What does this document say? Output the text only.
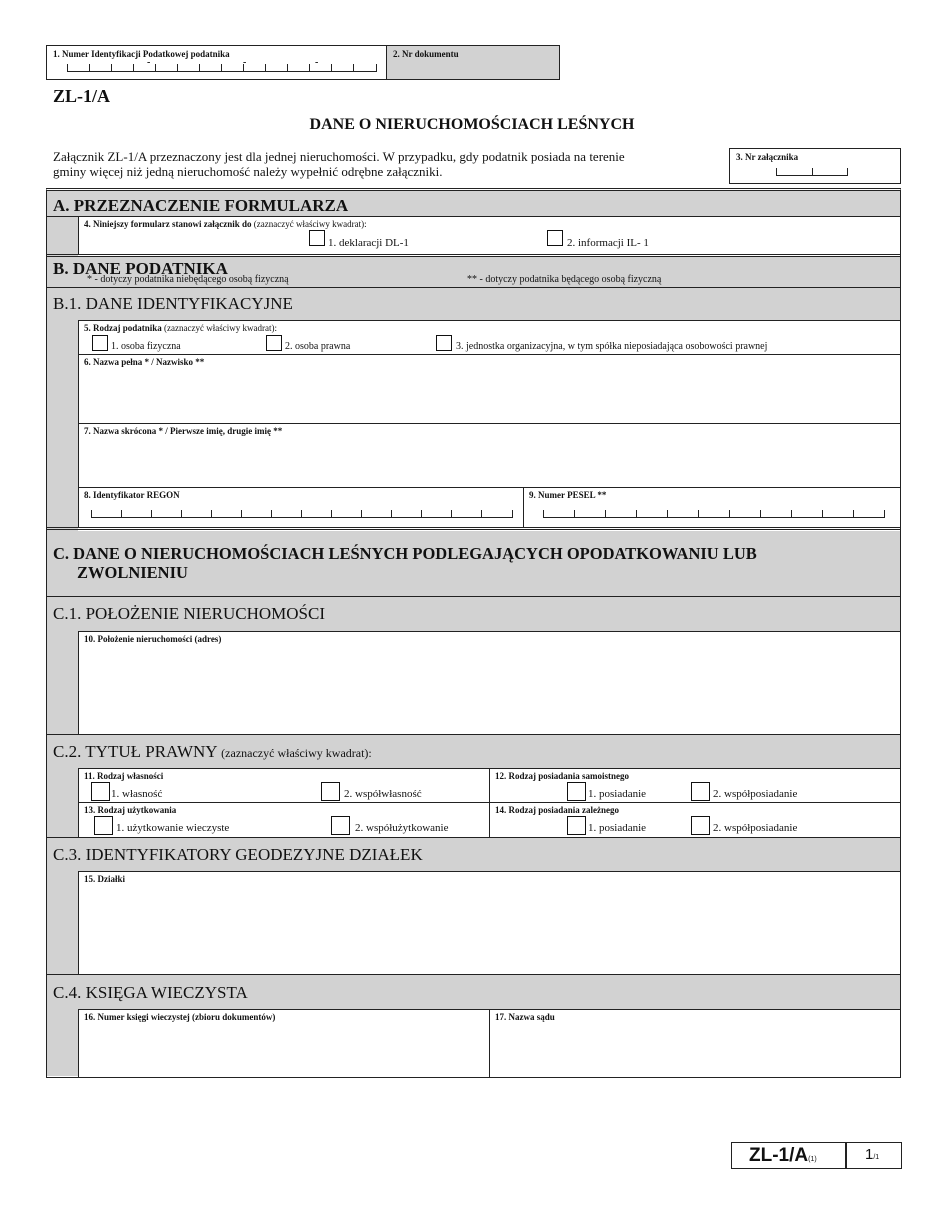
1. Numer Identyfikacji Podatkowej podatnika
-	-	-
2. Nr dokumentu
ZL-1/A
DANE O NIERUCHOMOŚCIACH LEŚNYCH
Załącznik ZL-1/A przeznaczony jest dla jednej nieruchomości. W przypadku, gdy podatnik posiada na terenie
gminy więcej niż jedną nieruchomość należy wypełnić odrębne załączniki.
3. Nr załącznika
A. PRZEZNACZENIE FORMULARZA
4. Niniejszy formularz stanowi załącznik do (zaznaczyć właściwy kwadrat):
1. deklaracji DL-1	2. informacji IL- 1
B. DANE PODATNIKA
* - dotyczy podatnika niebędącego osobą fizyczną	** - dotyczy podatnika będącego osobą fizyczną
B.1. DANE IDENTYFIKACYJNE
5. Rodzaj podatnika (zaznaczyć właściwy kwadrat):
1. osoba fizyczna	2. osoba prawna	3. jednostka organizacyjna, w tym spółka nieposiadająca osobowości prawnej
6. Nazwa pełna * / Nazwisko **
7. Nazwa skrócona * / Pierwsze imię, drugie imię **
8. Identyfikator REGON	9. Numer PESEL **
C. DANE O NIERUCHOMOŚCIACH LEŚNYCH PODLEGAJĄCYCH OPODATKOWANIU LUB
ZWOLNIENIU
C.1. POŁOŻENIE NIERUCHOMOŚCI
10. Położenie nieruchomości (adres)
C.2. TYTUŁ PRAWNY (zaznaczyć właściwy kwadrat):
11. Rodzaj własności
1. własność	2. współwłasność
12. Rodzaj posiadania samoistnego
1. posiadanie	2. współposiadanie
13. Rodzaj użytkowania
1. użytkowanie wieczyste	2. współużytkowanie
14. Rodzaj posiadania zależnego
1. posiadanie	2. współposiadanie
C.3. IDENTYFIKATORY GEODEZYJNE DZIAŁEK
15. Działki
C.4. KSIĘGA WIECZYSTA
16. Numer księgi wieczystej (zbioru dokumentów)	17. Nazwa sądu
ZL-1/A(1)	1/1
